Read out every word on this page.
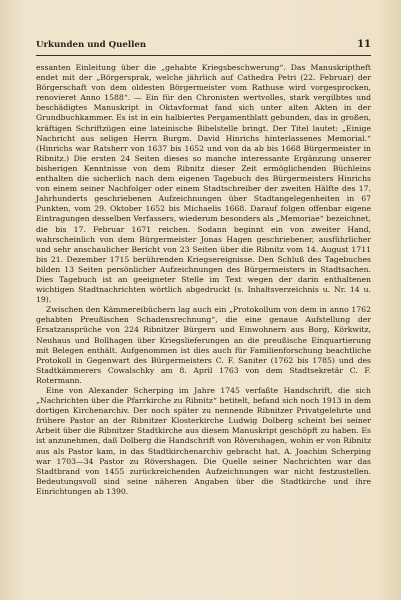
Urkunden und Quellen	11

essanten Einleitung über die „gehabte Kriegsbeschwerung“. Das Manuskriptheft endet mit der „Börgersprak, welche jährlich auf Cathedra Petri (22. Februar) der Börgerschaft von dem oldesten Börgermeister vom Rathuse wird vorgesprocken, renovieret Anno 1588“. — Ein für den Chronisten wertvolles, stark vergilbtes und beschädigtes Manuskript in Oktavformat fand sich unter alten Akten in der Grundbuchkammer. Es ist in ein halbiertes Pergamentblatt gebunden, das in großen, kräftigen Schriftzügen eine lateinische Bibelstelle bringt. Der Titel lautet: „Einige Nachricht aus seligen Herrn Burgm. David Hinrichs hinterlassenes Memorial.“ (Hinrichs war Ratsherr von 1637 bis 1652 und von da ab bis 1668 Bürgermeister in Ribnitz.) Die ersten 24 Seiten dieses so manche interessante Ergänzung unserer bisherigen Kenntnisse von dem Ribnitz dieser Zeit ermöglichenden Büchleins enthalten die sicherlich nach dem eigenen Tagebuch des Bürgermeisters Hinrichs von einem seiner Nachfolger oder einem Stadtschreiber der zweiten Hälfte des 17. Jahrhunderts geschriebenen Aufzeichnungen über Stadtangelegenheiten in 67 Punkten, vom 29. Oktober 1652 bis Michaelis 1668. Darauf folgen offenbar eigene Eintragungen desselben Verfassers, wiederum besonders als „Memoriae“ bezeichnet, die bis 17. Februar 1671 reichen. Sodann beginnt ein von zweiter Hand, wahrscheinlich von dem Bürgermeister Jonas Hagen geschriebener, ausführlicher und sehr anschaulicher Bericht von 23 Seiten über die Ribnitz vom 14. August 1711 bis 21. Dezember 1715 berührenden Kriegsereignisse. Den Schluß des Tagebuches bilden 13 Seiten persönlicher Aufzeichnungen des Bürgermeisters in Stadtsachen. Dies Tagebuch ist an geeigneter Stelle im Text wegen der darin enthaltenen wichtigen Stadtnachrichten wörtlich abgedruckt (s. Inhaltsverzeichnis u. Nr. 14 u. 19).

Zwischen den Kämmereibüchern lag auch ein „Protokollum von dem in anno 1762 gehabten Preußischen Schadensrechnung“, die eine genaue Aufstellung der Ersatzansprüche von 224 Ribnitzer Bürgern und Einwohnern aus Borg, Körkwitz, Neuhaus und Bollhagen über Kriegslieferungen an die preußische Einquartierung mit Belegen enthält. Aufgenommen ist dies auch für Familienforschung beachtliche Protokoll in Gegenwart des Bürgermeisters C. F. Saniter (1762 bis 1785) und des Stadtkämmerers Cowalschky am 8. April 1763 von dem Stadtsekretär C. F. Rotermann.

Eine von Alexander Scherping im Jahre 1745 verfaßte Handschrift, die sich „Nachrichten über die Pfarrkirche zu Ribnitz“ betitelt, befand sich noch 1913 in dem dortigen Kirchenarchiv. Der noch später zu nennende Ribnitzer Privatgelehrte und frühere Pastor an der Ribnitzer Klosterkirche Ludwig Dolberg scheint bei seiner Arbeit über die Ribnitzer Stadtkirche aus diesem Manuskript geschöpft zu haben. Es ist anzunehmen, daß Dolberg die Handschrift von Rövershagen, wohin er von Ribnitz aus als Pastor kam, in das Stadtkirchenarchiv gebracht hat. A. Joachim Scherping war 1703—34 Pastor zu Rövershagen. Die Quelle seiner Nachrichten war das Stadtbrand von 1455 zurückreichenden Aufzeichnungen war nicht festzustellen. Bedeutungsvoll sind seine näheren Angaben über die Stadtkirche und ihre Einrichtungen ab 1390.
